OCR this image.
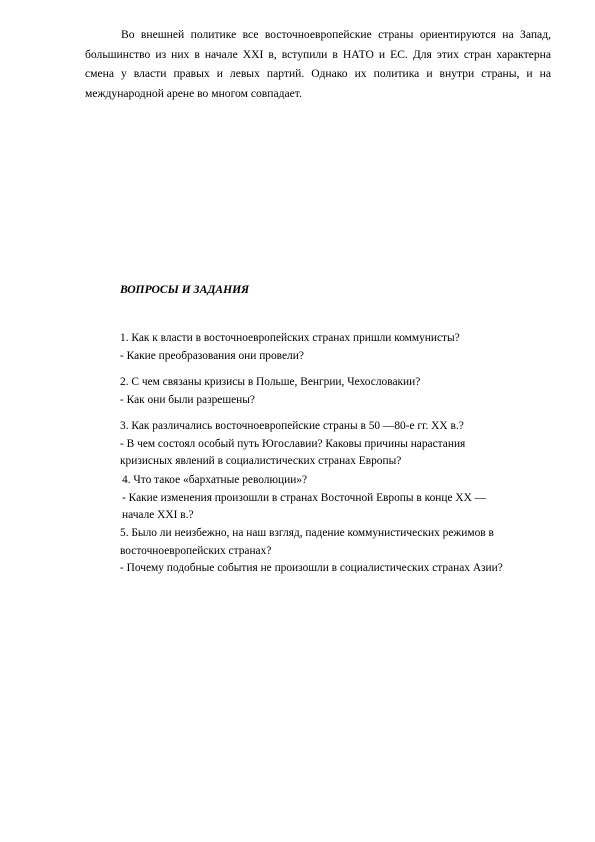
Во внешней политике все восточноевропейские страны ориентируются на Запад, большинство из них в начале XXI в, вступили в НАТО и ЕС. Для этих стран характерна смена у власти правых и левых партий. Однако их политика и внутри страны, и на международной арене во многом совпадает.

ВОПРОСЫ И ЗАДАНИЯ

1. Как к власти в восточноевропейских странах пришли коммунисты?
- Какие преобразования они провели?
2. С чем связаны кризисы в Польше, Венгрии, Чехословакии?
- Как они были разрешены?
3. Как различались восточноевропейские страны в 50 —80-е гг. XX в.?
- В чем состоял особый путь Югославии? Каковы причины нарастания
кризисных явлений в социалистических странах Европы?
4. Что такое «бархатные революции»?
- Какие изменения произошли в странах Восточной Европы в конце XX —
начале XXI в.?
5. Было ли неизбежно, на наш взгляд, падение коммунистических режимов в
восточноевропейских странах?
- Почему подобные события не произошли в социалистических странах Азии?
